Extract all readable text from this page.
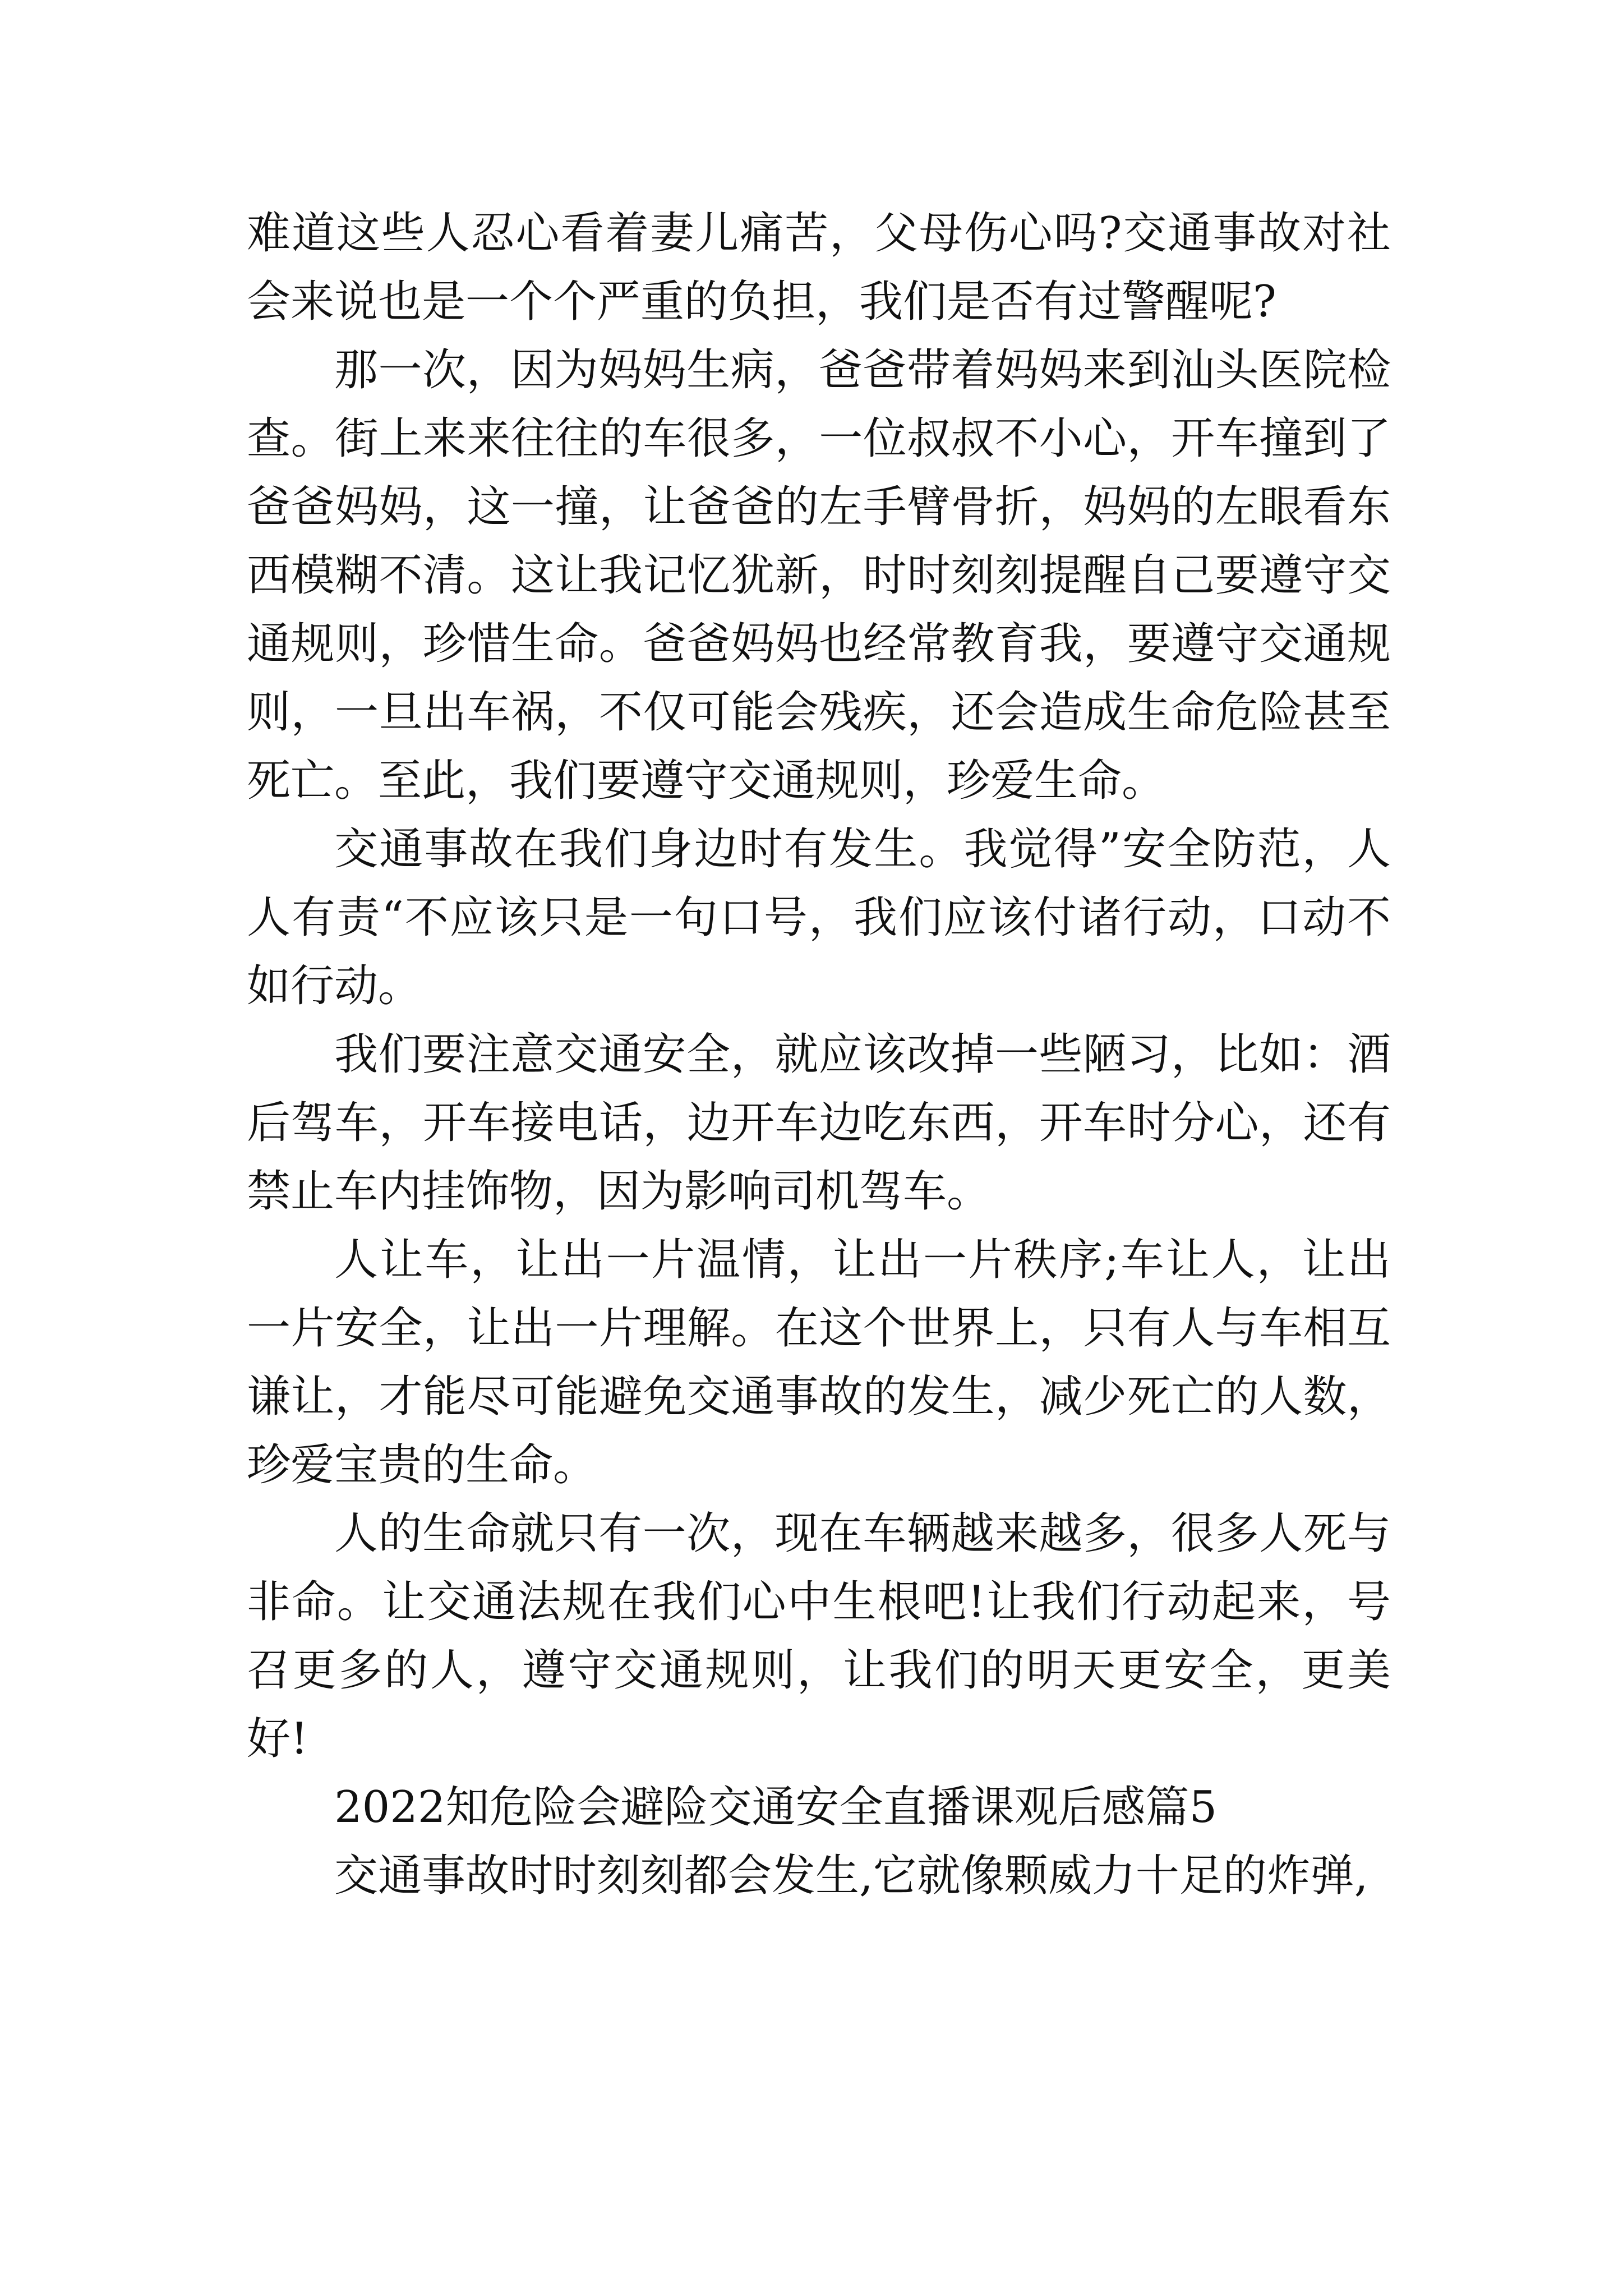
难道这些人忍心看着妻儿痛苦，父母伤心吗?交通事故对社会来说也是一个个严重的负担，我们是否有过警醒呢?

那一次，因为妈妈生病，爸爸带着妈妈来到汕头医院检查。街上来来往往的车很多，一位叔叔不小心，开车撞到了爸爸妈妈，这一撞，让爸爸的左手臂骨折，妈妈的左眼看东西模糊不清。这让我记忆犹新，时时刻刻提醒自己要遵守交通规则，珍惜生命。爸爸妈妈也经常教育我，要遵守交通规则，一旦出车祸，不仅可能会残疾，还会造成生命危险甚至死亡。至此，我们要遵守交通规则，珍爱生命。

交通事故在我们身边时有发生。我觉得”安全防范，人人有责“不应该只是一句口号，我们应该付诸行动，口动不如行动。

我们要注意交通安全，就应该改掉一些陋习，比如：酒后驾车，开车接电话，边开车边吃东西，开车时分心，还有禁止车内挂饰物，因为影响司机驾车。

人让车，让出一片温情，让出一片秩序;车让人，让出一片安全，让出一片理解。在这个世界上，只有人与车相互谦让，才能尽可能避免交通事故的发生，减少死亡的人数，珍爱宝贵的生命。

人的生命就只有一次，现在车辆越来越多，很多人死与非命。让交通法规在我们心中生根吧!让我们行动起来，号召更多的人，遵守交通规则，让我们的明天更安全，更美好!

2022知危险会避险交通安全直播课观后感篇5

交通事故时时刻刻都会发生,它就像颗威力十足的炸弹,
